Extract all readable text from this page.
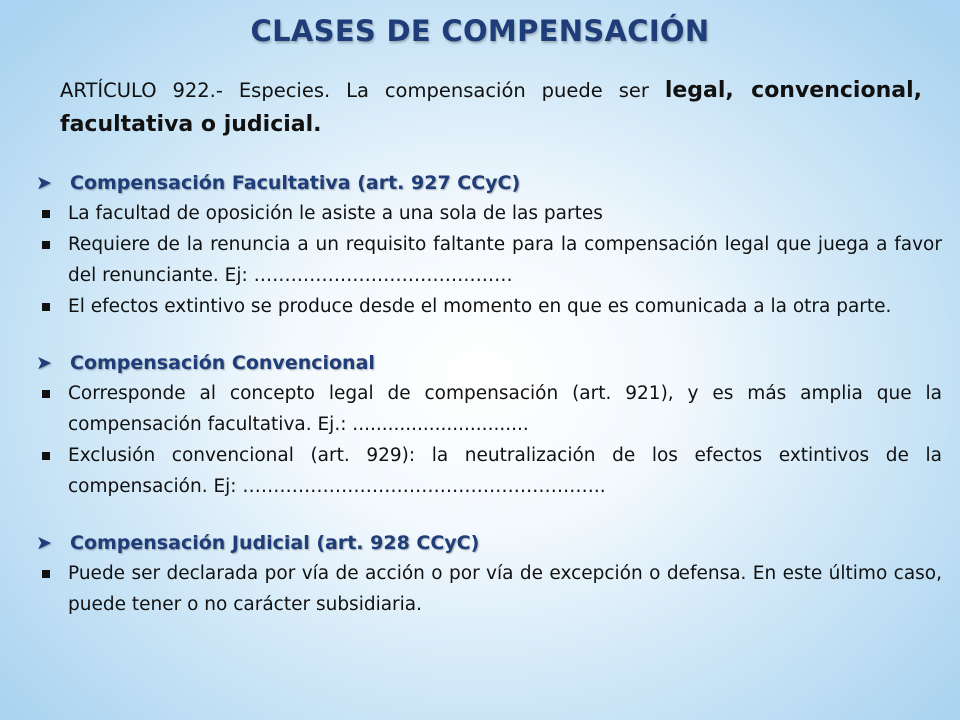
CLASES DE COMPENSACIÓN

ARTÍCULO 922.- Especies. La compensación puede ser legal, convencional, facultativa o judicial.

➤ Compensación Facultativa (art. 927 CCyC)
La facultad de oposición le asiste a una sola de las partes
Requiere de la renuncia a un requisito faltante para la compensación legal que juega a favor del renunciante. Ej: ……………………………………
El efectos extintivo se produce desde el momento en que es comunicada a la otra parte.
➤ Compensación Convencional
Corresponde al concepto legal de compensación (art. 921), y es más amplia que la compensación facultativa. Ej.: ..............................
Exclusión convencional (art. 929): la neutralización de los efectos extintivos de la compensación. Ej: …………………………………………………..
➤ Compensación Judicial (art. 928 CCyC)
Puede ser declarada por vía de acción o por vía de excepción o defensa. En este último caso, puede tener o no carácter subsidiaria.
